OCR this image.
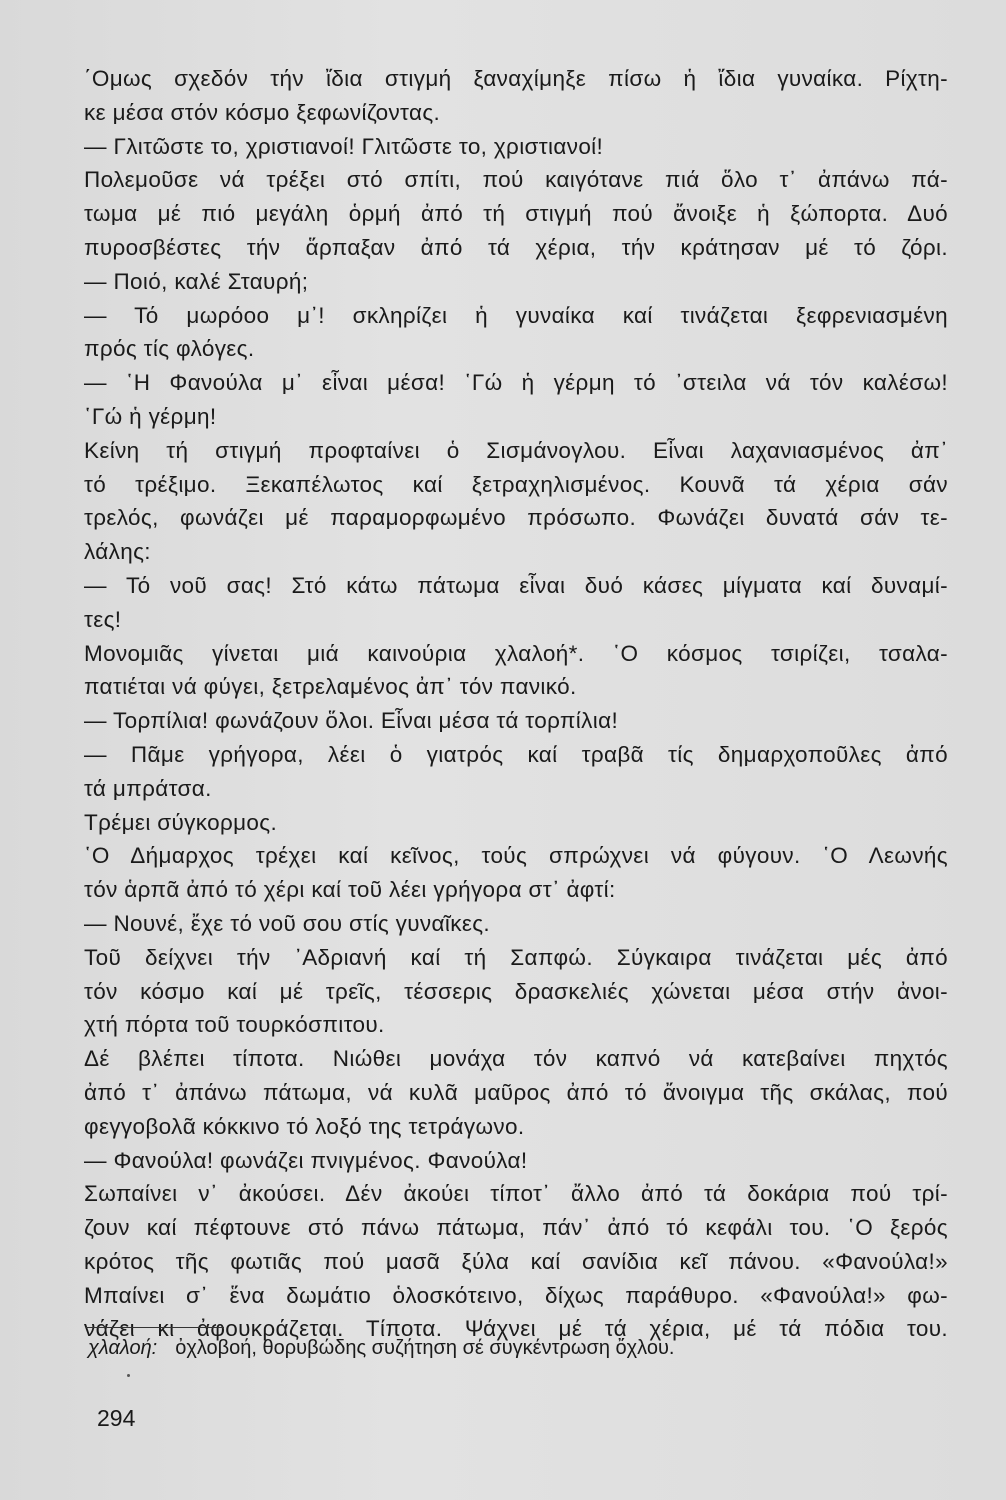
΄Ομως σχεδόν τήν ἴδια στιγμή ξαναχίμηξε πίσω ἡ ἴδια γυναίκα. Ρίχτη-
κε μέσα στόν κόσμο ξεφωνίζοντας.
— Γλιτῶστε το, χριστιανοί! Γλιτῶστε το, χριστιανοί!
Πολεμοῦσε νά τρέξει στό σπίτι, πού καιγότανε πιά ὅλο τ᾿ ἀπάνω πά-
τωμα μέ πιό μεγάλη ὁρμή ἀπό τή στιγμή πού ἄνοιξε ἡ ξώπορτα. Δυό
πυροσβέστες τήν ἅρπαξαν ἀπό τά χέρια, τήν κράτησαν μέ τό ζόρι.
— Ποιό, καλέ Σταυρή;
— Τό μωρόοο μ᾿! σκληρίζει ἡ γυναίκα καί τινάζεται ξεφρενιασμένη
πρός τίς φλόγες.
— ῾Η Φανούλα μ᾿ εἶναι μέσα! ῾Γώ ἡ γέρμη τό ᾿στειλα νά τόν καλέσω!
῾Γώ ἡ γέρμη!
Κείνη τή στιγμή προφταίνει ὁ Σισμάνογλου. Εἶναι λαχανιασμένος ἀπ᾿
τό τρέξιμο. Ξεκαπέλωτος καί ξετραχηλισμένος. Κουνᾶ τά χέρια σάν
τρελός, φωνάζει μέ παραμορφωμένο πρόσωπο. Φωνάζει δυνατά σάν τε-
λάλης:
— Τό νοῦ σας! Στό κάτω πάτωμα εἶναι δυό κάσες μίγματα καί δυναμί-
τες!
Μονομιᾶς γίνεται μιά καινούρια χλαλοή*. ῾Ο κόσμος τσιρίζει, τσαλα-
πατιέται νά φύγει, ξετρελαμένος ἀπ᾿ τόν πανικό.
— Τορπίλια! φωνάζουν ὅλοι. Εἶναι μέσα τά τορπίλια!
— Πᾶμε γρήγορα, λέει ὁ γιατρός καί τραβᾶ τίς δημαρχοποῦλες ἀπό
τά μπράτσα.
Τρέμει σύγκορμος.
῾Ο Δήμαρχος τρέχει καί κεῖνος, τούς σπρώχνει νά φύγουν. ῾Ο Λεωνής
τόν ἁρπᾶ ἀπό τό χέρι καί τοῦ λέει γρήγορα στ᾿ ἀφτί:
— Νουνέ, ἔχε τό νοῦ σου στίς γυναῖκες.
Τοῦ δείχνει τήν ᾿Αδριανή καί τή Σαπφώ. Σύγκαιρα τινάζεται μές ἀπό
τόν κόσμο καί μέ τρεῖς, τέσσερις δρασκελιές χώνεται μέσα στήν ἀνοι-
χτή πόρτα τοῦ τουρκόσπιτου.
Δέ βλέπει τίποτα. Νιώθει μονάχα τόν καπνό νά κατεβαίνει πηχτός
ἀπό τ᾿ ἀπάνω πάτωμα, νά κυλᾶ μαῦρος ἀπό τό ἄνοιγμα τῆς σκάλας, πού
φεγγοβολᾶ κόκκινο τό λοξό της τετράγωνο.
— Φανούλα! φωνάζει πνιγμένος. Φανούλα!
Σωπαίνει ν᾿ ἀκούσει. Δέν ἀκούει τίποτ᾿ ἄλλο ἀπό τά δοκάρια πού τρί-
ζουν καί πέφτουνε στό πάνω πάτωμα, πάν᾿ ἀπό τό κεφάλι του. ῾Ο ξερός
κρότος τῆς φωτιᾶς πού μασᾶ ξύλα καί σανίδια κεῖ πάνου. «Φανούλα!»
Μπαίνει σ᾿ ἕνα δωμάτιο ὁλοσκότεινο, δίχως παράθυρο. «Φανούλα!» φω-
νάζει κι ἀφουκράζεται. Τίποτα. Ψάχνει μέ τά χέρια, μέ τά πόδια του.
χλαλοή: ὀχλοβοή, θορυβώδης συζήτηση σέ συγκέντρωση ὄχλου.
294
